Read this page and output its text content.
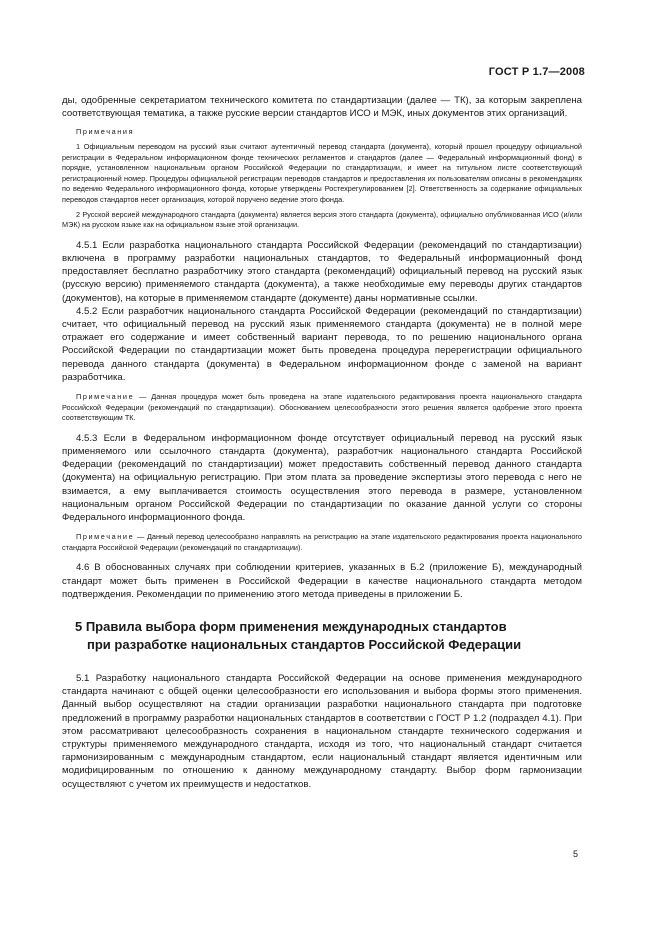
ГОСТ Р 1.7—2008

ды, одобренные секретариатом технического комитета по стандартизации (далее — ТК), за которым закреплена соответствующая тематика, а также русские версии стандартов ИСО и МЭК, иных документов этих организаций.

Примечания

1 Официальным переводом на русский язык считают аутентичный перевод стандарта (документа), который прошел процедуру официальной регистрации в Федеральном информационном фонде технических регламентов и стандартов (далее — Федеральный информационный фонд) в порядке, установленном национальным органом Российской Федерации по стандартизации, и имеет на титульном листе соответствующий регистрационный номер. Процедуры официальной регистрации переводов стандартов и предоставления их пользователям описаны в рекомендациях по ведению Федерального информационного фонда, которые утверждены Ростехрегулированием [2]. Ответственность за содержание официальных переводов стандартов несет организация, которой поручено ведение этого фонда.

2 Русской версией международного стандарта (документа) является версия этого стандарта (документа), официально опубликованная ИСО (и/или МЭК) на русском языке как на официальном языке этой организации.

4.5.1 Если разработка национального стандарта Российской Федерации (рекомендаций по стандартизации) включена в программу разработки национальных стандартов, то Федеральный информационный фонд предоставляет бесплатно разработчику этого стандарта (рекомендаций) официальный перевод на русский язык (русскую версию) применяемого стандарта (документа), а также необходимые ему переводы других стандартов (документов), на которые в применяемом стандарте (документе) даны нормативные ссылки.

4.5.2 Если разработчик национального стандарта Российской Федерации (рекомендаций по стандартизации) считает, что официальный перевод на русский язык применяемого стандарта (документа) не в полной мере отражает его содержание и имеет собственный вариант перевода, то по решению национального органа Российской Федерации по стандартизации может быть проведена процедура перерегистрации официального перевода данного стандарта (документа) в Федеральном информационном фонде с заменой на вариант разработчика.

Примечание — Данная процедура может быть проведена на этапе издательского редактирования проекта национального стандарта Российской Федерации (рекомендаций по стандартизации). Обоснованием целесообразности этого решения является одобрение этого проекта соответствующим ТК.

4.5.3 Если в Федеральном информационном фонде отсутствует официальный перевод на русский язык применяемого или ссылочного стандарта (документа), разработчик национального стандарта Российской Федерации (рекомендаций по стандартизации) может предоставить собственный перевод данного стандарта (документа) на официальную регистрацию. При этом плата за проведение экспертизы этого перевода с него не взимается, а ему выплачивается стоимость осуществления этого перевода в размере, установленном национальным органом Российской Федерации по стандартизации по оказание данной услуги со стороны Федерального информационного фонда.

Примечание — Данный перевод целесообразно направлять на регистрацию на этапе издательского редактирования проекта национального стандарта Российской Федерации (рекомендаций по стандартизации).

4.6 В обоснованных случаях при соблюдении критериев, указанных в Б.2 (приложение Б), международный стандарт может быть применен в Российской Федерации в качестве национального стандарта методом подтверждения. Рекомендации по применению этого метода приведены в приложении Б.

5 Правила выбора форм применения международных стандартов
при разработке национальных стандартов Российской Федерации

5.1 Разработку национального стандарта Российской Федерации на основе применения международного стандарта начинают с общей оценки целесообразности его использования и выбора формы этого применения. Данный выбор осуществляют на стадии организации разработки национального стандарта при подготовке предложений в программу разработки национальных стандартов в соответствии с ГОСТ Р 1.2 (подраздел 4.1). При этом рассматривают целесообразность сохранения в национальном стандарте технического содержания и структуры применяемого международного стандарта, исходя из того, что национальный стандарт считается гармонизированным с международным стандартом, если национальный стандарт является идентичным или модифицированным по отношению к данному международному стандарту. Выбор форм гармонизации осуществляют с учетом их преимуществ и недостатков.

5
